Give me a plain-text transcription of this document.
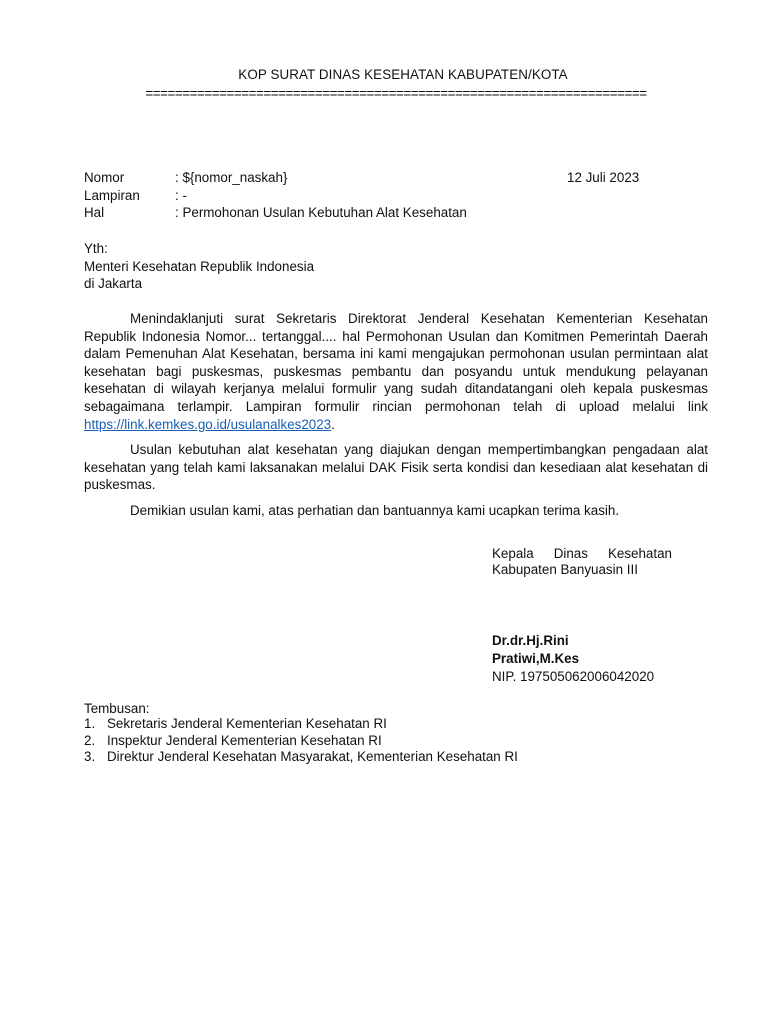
KOP SURAT DINAS KESEHATAN KABUPATEN/KOTA
====================================================================
Nomor	: ${nomor_naskah}	12 Juli 2023
Lampiran	: -
Hal	: Permohonan Usulan Kebutuhan Alat Kesehatan
Yth:
Menteri Kesehatan Republik Indonesia
di Jakarta

Menindaklanjuti surat Sekretaris Direktorat Jenderal Kesehatan Kementerian Kesehatan Republik Indonesia Nomor... tertanggal.... hal Permohonan Usulan dan Komitmen Pemerintah Daerah dalam Pemenuhan Alat Kesehatan, bersama ini kami mengajukan permohonan usulan permintaan alat kesehatan bagi puskesmas, puskesmas pembantu dan posyandu untuk mendukung pelayanan kesehatan di wilayah kerjanya melalui formulir yang sudah ditandatangani oleh kepala puskesmas sebagaimana terlampir. Lampiran formulir rincian permohonan telah di upload melalui link https://link.kemkes.go.id/usulanalkes2023.

Usulan kebutuhan alat kesehatan yang diajukan dengan mempertimbangkan pengadaan alat kesehatan yang telah kami laksanakan melalui DAK Fisik serta kondisi dan kesediaan alat kesehatan di puskesmas.

Demikian usulan kami, atas perhatian dan bantuannya kami ucapkan terima kasih.

Kepala Dinas Kesehatan
Kabupaten Banyuasin III
Dr.dr.Hj.Rini
Pratiwi,M.Kes
NIP. 197505062006042020
Tembusan:
1. Sekretaris Jenderal Kementerian Kesehatan RI
2. Inspektur Jenderal Kementerian Kesehatan RI
3. Direktur Jenderal Kesehatan Masyarakat, Kementerian Kesehatan RI
